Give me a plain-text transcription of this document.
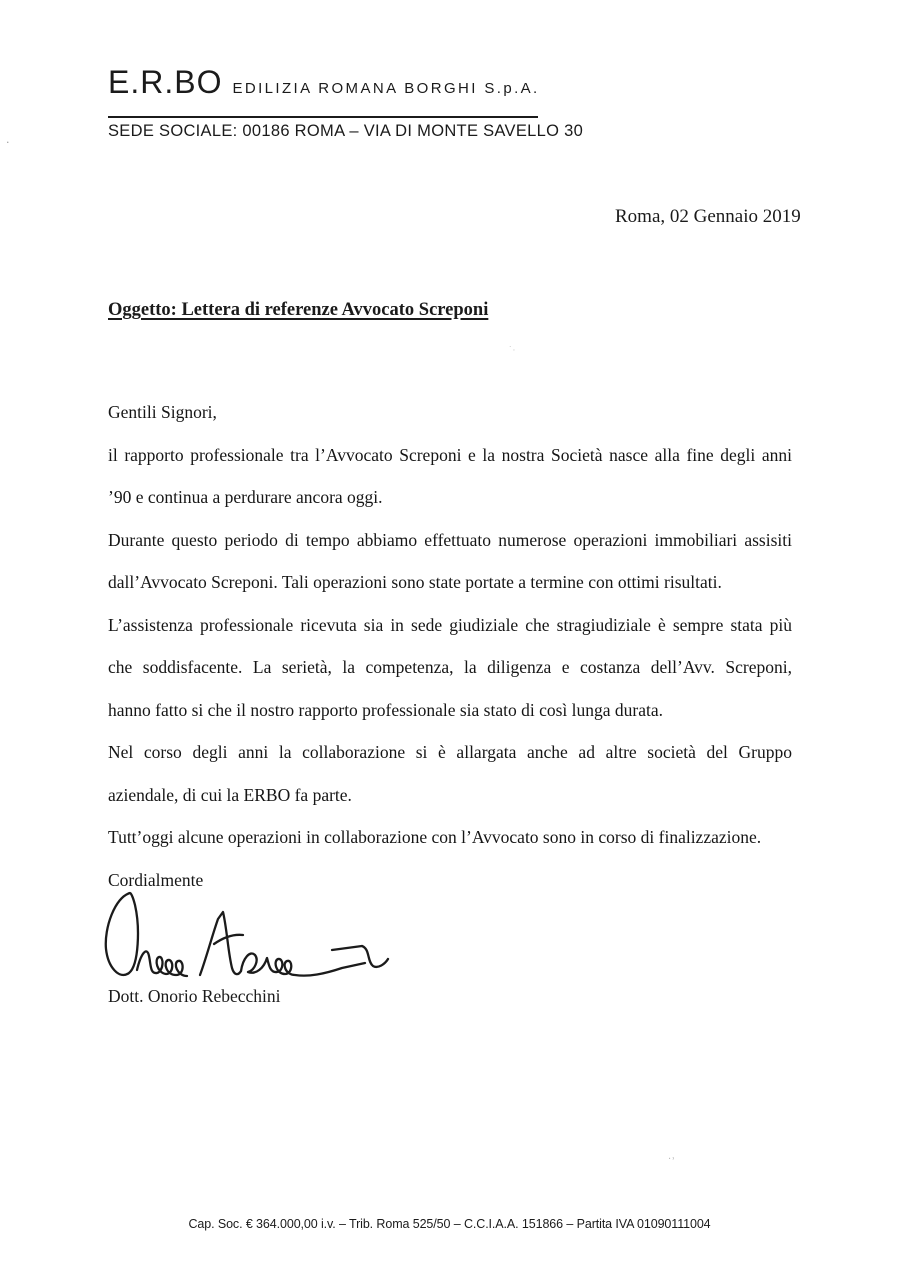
E.R.BO EDILIZIA ROMANA BORGHI S.p.A.
SEDE SOCIALE: 00186 ROMA – VIA DI MONTE SAVELLO 30
Roma, 02 Gennaio 2019
Oggetto: Lettera di referenze Avvocato Screponi
Gentili Signori,
il rapporto professionale tra l’Avvocato Screponi e la nostra Società nasce alla fine degli anni
’90 e continua a perdurare ancora oggi.
Durante questo periodo di tempo abbiamo effettuato numerose operazioni immobiliari assisiti
dall’Avvocato Screponi. Tali operazioni sono state portate a termine con ottimi risultati.
L’assistenza professionale ricevuta sia in sede giudiziale che stragiudiziale è sempre stata più
che soddisfacente. La serietà, la competenza, la diligenza e costanza dell’Avv. Screponi,
hanno fatto si che il nostro rapporto professionale sia stato di così lunga durata.
Nel corso degli anni la collaborazione si è allargata anche ad altre società del Gruppo
aziendale, di cui la ERBO fa parte.
Tutt’oggi alcune operazioni in collaborazione con l’Avvocato sono in corso di finalizzazione.
Cordialmente
Dott. Onorio Rebecchini
Cap. Soc. € 364.000,00 i.v. – Trib. Roma 525/50 – C.C.I.A.A. 151866 – Partita IVA 01090111004
·
˙·
·˒
